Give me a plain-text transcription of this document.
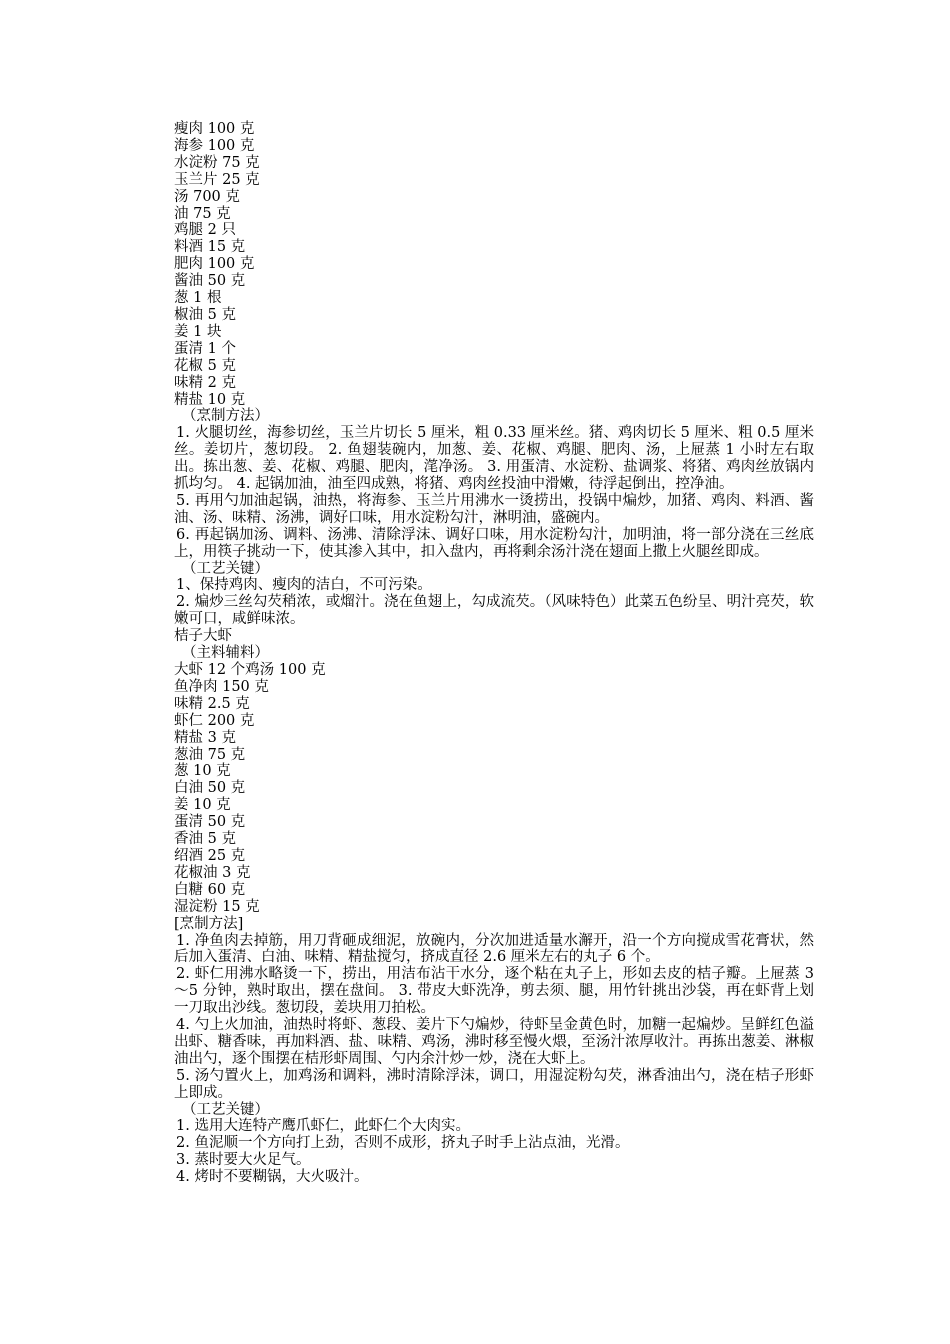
瘦肉 100 克

海参 100 克

水淀粉 75 克

玉兰片 25 克

汤 700 克

油 75 克

鸡腿 2 只

料酒 15 克

肥肉 100 克

酱油 50 克

葱 1 根

椒油 5 克

姜 1 块

蛋清 1 个

花椒 5 克

味精 2 克

精盐 10 克

（烹制方法）

1. 火腿切丝，海参切丝，玉兰片切长 5 厘米，粗 0.33 厘米丝。猪、鸡肉切长 5 厘米、粗 0.5 厘米丝。姜切片，葱切段。 2. 鱼翅装碗内，加葱、姜、花椒、鸡腿、肥肉、汤，上屉蒸 1 小时左右取出。拣出葱、姜、花椒、鸡腿、肥肉，滗净汤。 3. 用蛋清、水淀粉、盐调浆、将猪、鸡肉丝放锅内抓均匀。 4. 起锅加油，油至四成熟，将猪、鸡肉丝投油中滑嫩，待浮起倒出，控净油。

5. 再用勺加油起锅，油热，将海参、玉兰片用沸水一烫捞出，投锅中煸炒，加猪、鸡肉、料酒、酱油、汤、味精、汤沸，调好口味，用水淀粉勾汁，淋明油，盛碗内。

6. 再起锅加汤、调料、汤沸、清除浮沫、调好口味，用水淀粉勾汁，加明油，将一部分浇在三丝底上，用筷子挑动一下，使其渗入其中，扣入盘内，再将剩余汤汁浇在翅面上撒上火腿丝即成。

（工艺关键）

1、保持鸡肉、瘦肉的洁白，不可污染。

2. 煸炒三丝勾芡稍浓，或熘汁。浇在鱼翅上，勾成流芡。（风味特色）此菜五色纷呈、明汁亮芡，软嫩可口，咸鲜味浓。

桔子大虾

（主料辅料）

大虾 12 个鸡汤 100 克

鱼净肉 150 克

味精 2.5 克

虾仁 200 克

精盐 3 克

葱油 75 克

葱 10 克

白油 50 克

姜 10 克

蛋清 50 克

香油 5 克

绍酒 25 克

花椒油 3 克

白糖 60 克

湿淀粉 15 克

[烹制方法]

1. 净鱼肉去掉筋，用刀背砸成细泥，放碗内，分次加进适量水澥开，沿一个方向搅成雪花膏状，然后加入蛋清、白油、味精、精盐搅匀，挤成直径 2.6 厘米左右的丸子 6 个。

2. 虾仁用沸水略烫一下，捞出，用洁布沾干水分，逐个粘在丸子上，形如去皮的桔子瓣。上屉蒸 3～5 分钟，熟时取出，摆在盘间。 3. 带皮大虾洗净，剪去须、腿，用竹针挑出沙袋，再在虾背上划一刀取出沙线。葱切段，姜块用刀拍松。

4. 勺上火加油，油热时将虾、葱段、姜片下勺煸炒，待虾呈金黄色时，加糖一起煸炒。呈鲜红色溢出虾、糖香味，再加料酒、盐、味精、鸡汤，沸时移至慢火煨，至汤汁浓厚收汁。再拣出葱姜、淋椒油出勺，逐个围摆在桔形虾周围、勺内余汁炒一炒，浇在大虾上。

5. 汤勺置火上，加鸡汤和调料，沸时清除浮沫，调口，用湿淀粉勾芡，淋香油出勺，浇在桔子形虾上即成。

（工艺关键）

1. 选用大连特产鹰爪虾仁，此虾仁个大肉实。

2. 鱼泥顺一个方向打上劲，否则不成形，挤丸子时手上沾点油，光滑。

3. 蒸时要大火足气。

4. 烤时不要糊锅，大火吸汁。
